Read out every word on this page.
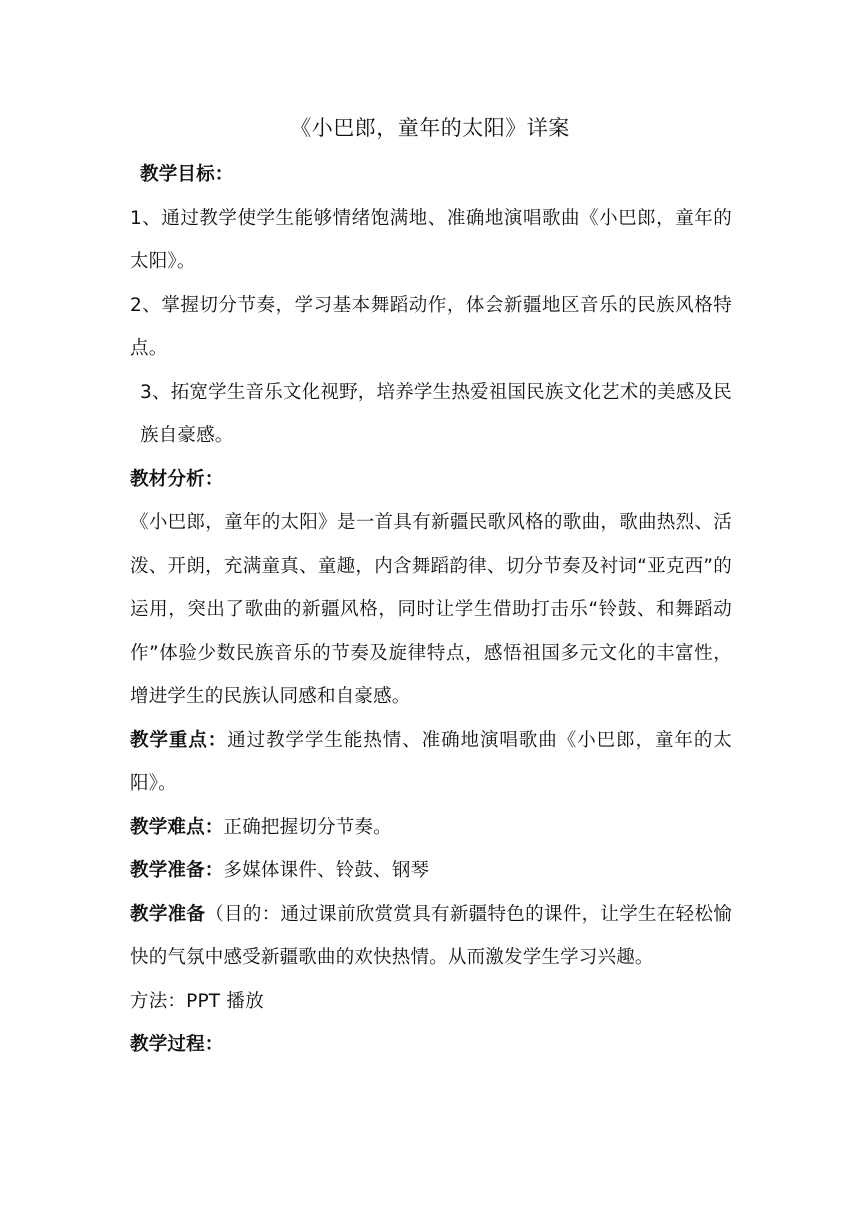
《小巴郎，童年的太阳》详案

教学目标：

1、通过教学使学生能够情绪饱满地、准确地演唱歌曲《小巴郎，童年的太阳》。

2、掌握切分节奏，学习基本舞蹈动作，体会新疆地区音乐的民族风格特点。

3、拓宽学生音乐文化视野，培养学生热爱祖国民族文化艺术的美感及民族自豪感。

教材分析：

《小巴郎，童年的太阳》是一首具有新疆民歌风格的歌曲，歌曲热烈、活泼、开朗，充满童真、童趣，内含舞蹈韵律、切分节奏及衬词“亚克西”的运用，突出了歌曲的新疆风格，同时让学生借助打击乐“铃鼓、和舞蹈动作”体验少数民族音乐的节奏及旋律特点，感悟祖国多元文化的丰富性，增进学生的民族认同感和自豪感。

教学重点：通过教学学生能热情、准确地演唱歌曲《小巴郎，童年的太阳》。

教学难点：正确把握切分节奏。

教学准备：多媒体课件、铃鼓、钢琴

教学准备（目的：通过课前欣赏赏具有新疆特色的课件，让学生在轻松愉快的气氛中感受新疆歌曲的欢快热情。从而激发学生学习兴趣。

方法：PPT 播放

教学过程：
